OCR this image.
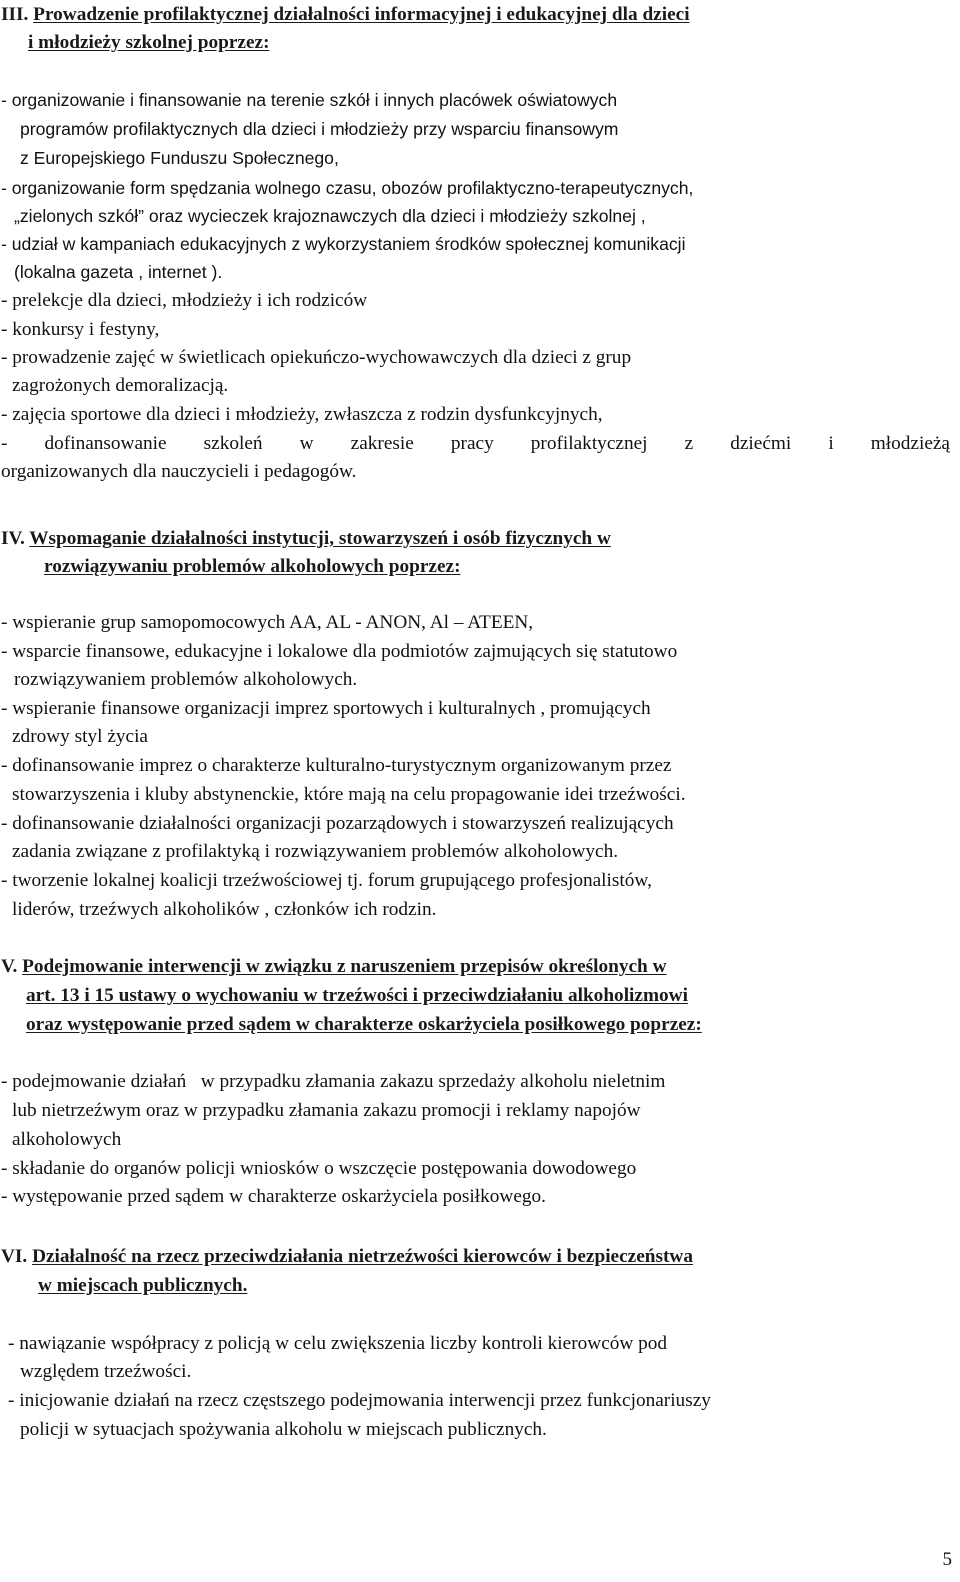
III. Prowadzenie profilaktycznej działalności informacyjnej i edukacyjnej dla dzieci

i młodzieży szkolnej poprzez:

- organizowanie i finansowanie na terenie szkół i innych placówek oświatowych

programów profilaktycznych dla dzieci i młodzieży przy wsparciu finansowym

z Europejskiego Funduszu Społecznego,

- organizowanie form spędzania wolnego czasu, obozów profilaktyczno-terapeutycznych,

„zielonych szkół” oraz wycieczek krajoznawczych dla dzieci i młodzieży szkolnej ,

- udział w kampaniach edukacyjnych z wykorzystaniem środków społecznej komunikacji

(lokalna gazeta , internet ).

- prelekcje dla dzieci, młodzieży i ich rodziców

- konkursy i festyny,

- prowadzenie zajęć w świetlicach opiekuńczo-wychowawczych dla dzieci z grup

zagrożonych demoralizacją.

- zajęcia sportowe dla dzieci i młodzieży, zwłaszcza z rodzin dysfunkcyjnych,

- dofinansowanie szkoleń w zakresie pracy profilaktycznej z dziećmi i młodzieżą

organizowanych dla nauczycieli i pedagogów.

IV. Wspomaganie działalności instytucji, stowarzyszeń i osób fizycznych w

rozwiązywaniu problemów alkoholowych poprzez:

- wspieranie grup samopomocowych AA, AL - ANON, Al – ATEEN,

- wsparcie finansowe, edukacyjne i lokalowe dla podmiotów zajmujących się statutowo

rozwiązywaniem problemów alkoholowych.

- wspieranie finansowe organizacji imprez sportowych i kulturalnych , promujących

zdrowy styl życia

- dofinansowanie imprez o charakterze kulturalno-turystycznym organizowanym przez

stowarzyszenia i kluby abstynenckie, które mają na celu propagowanie idei trzeźwości.

- dofinansowanie działalności organizacji pozarządowych i stowarzyszeń realizujących

zadania związane z profilaktyką i rozwiązywaniem problemów alkoholowych.

- tworzenie lokalnej koalicji trzeźwościowej tj. forum grupującego profesjonalistów,

liderów, trzeźwych alkoholików , członków ich rodzin.

V. Podejmowanie interwencji w związku z naruszeniem przepisów określonych w

art. 13 i 15 ustawy o wychowaniu w trzeźwości i przeciwdziałaniu alkoholizmowi

oraz występowanie przed sądem w charakterze oskarżyciela posiłkowego poprzez:

- podejmowanie działań   w przypadku złamania zakazu sprzedaży alkoholu nieletnim

lub nietrzeźwym oraz w przypadku złamania zakazu promocji i reklamy napojów

alkoholowych

- składanie do organów policji wniosków o wszczęcie postępowania dowodowego

- występowanie przed sądem w charakterze oskarżyciela posiłkowego.

VI. Działalność na rzecz przeciwdziałania nietrzeźwości kierowców i bezpieczeństwa

w miejscach publicznych.

- nawiązanie współpracy z policją w celu zwiększenia liczby kontroli kierowców pod

względem trzeźwości.

- inicjowanie działań na rzecz częstszego podejmowania interwencji przez funkcjonariuszy

policji w sytuacjach spożywania alkoholu w miejscach publicznych.

5
